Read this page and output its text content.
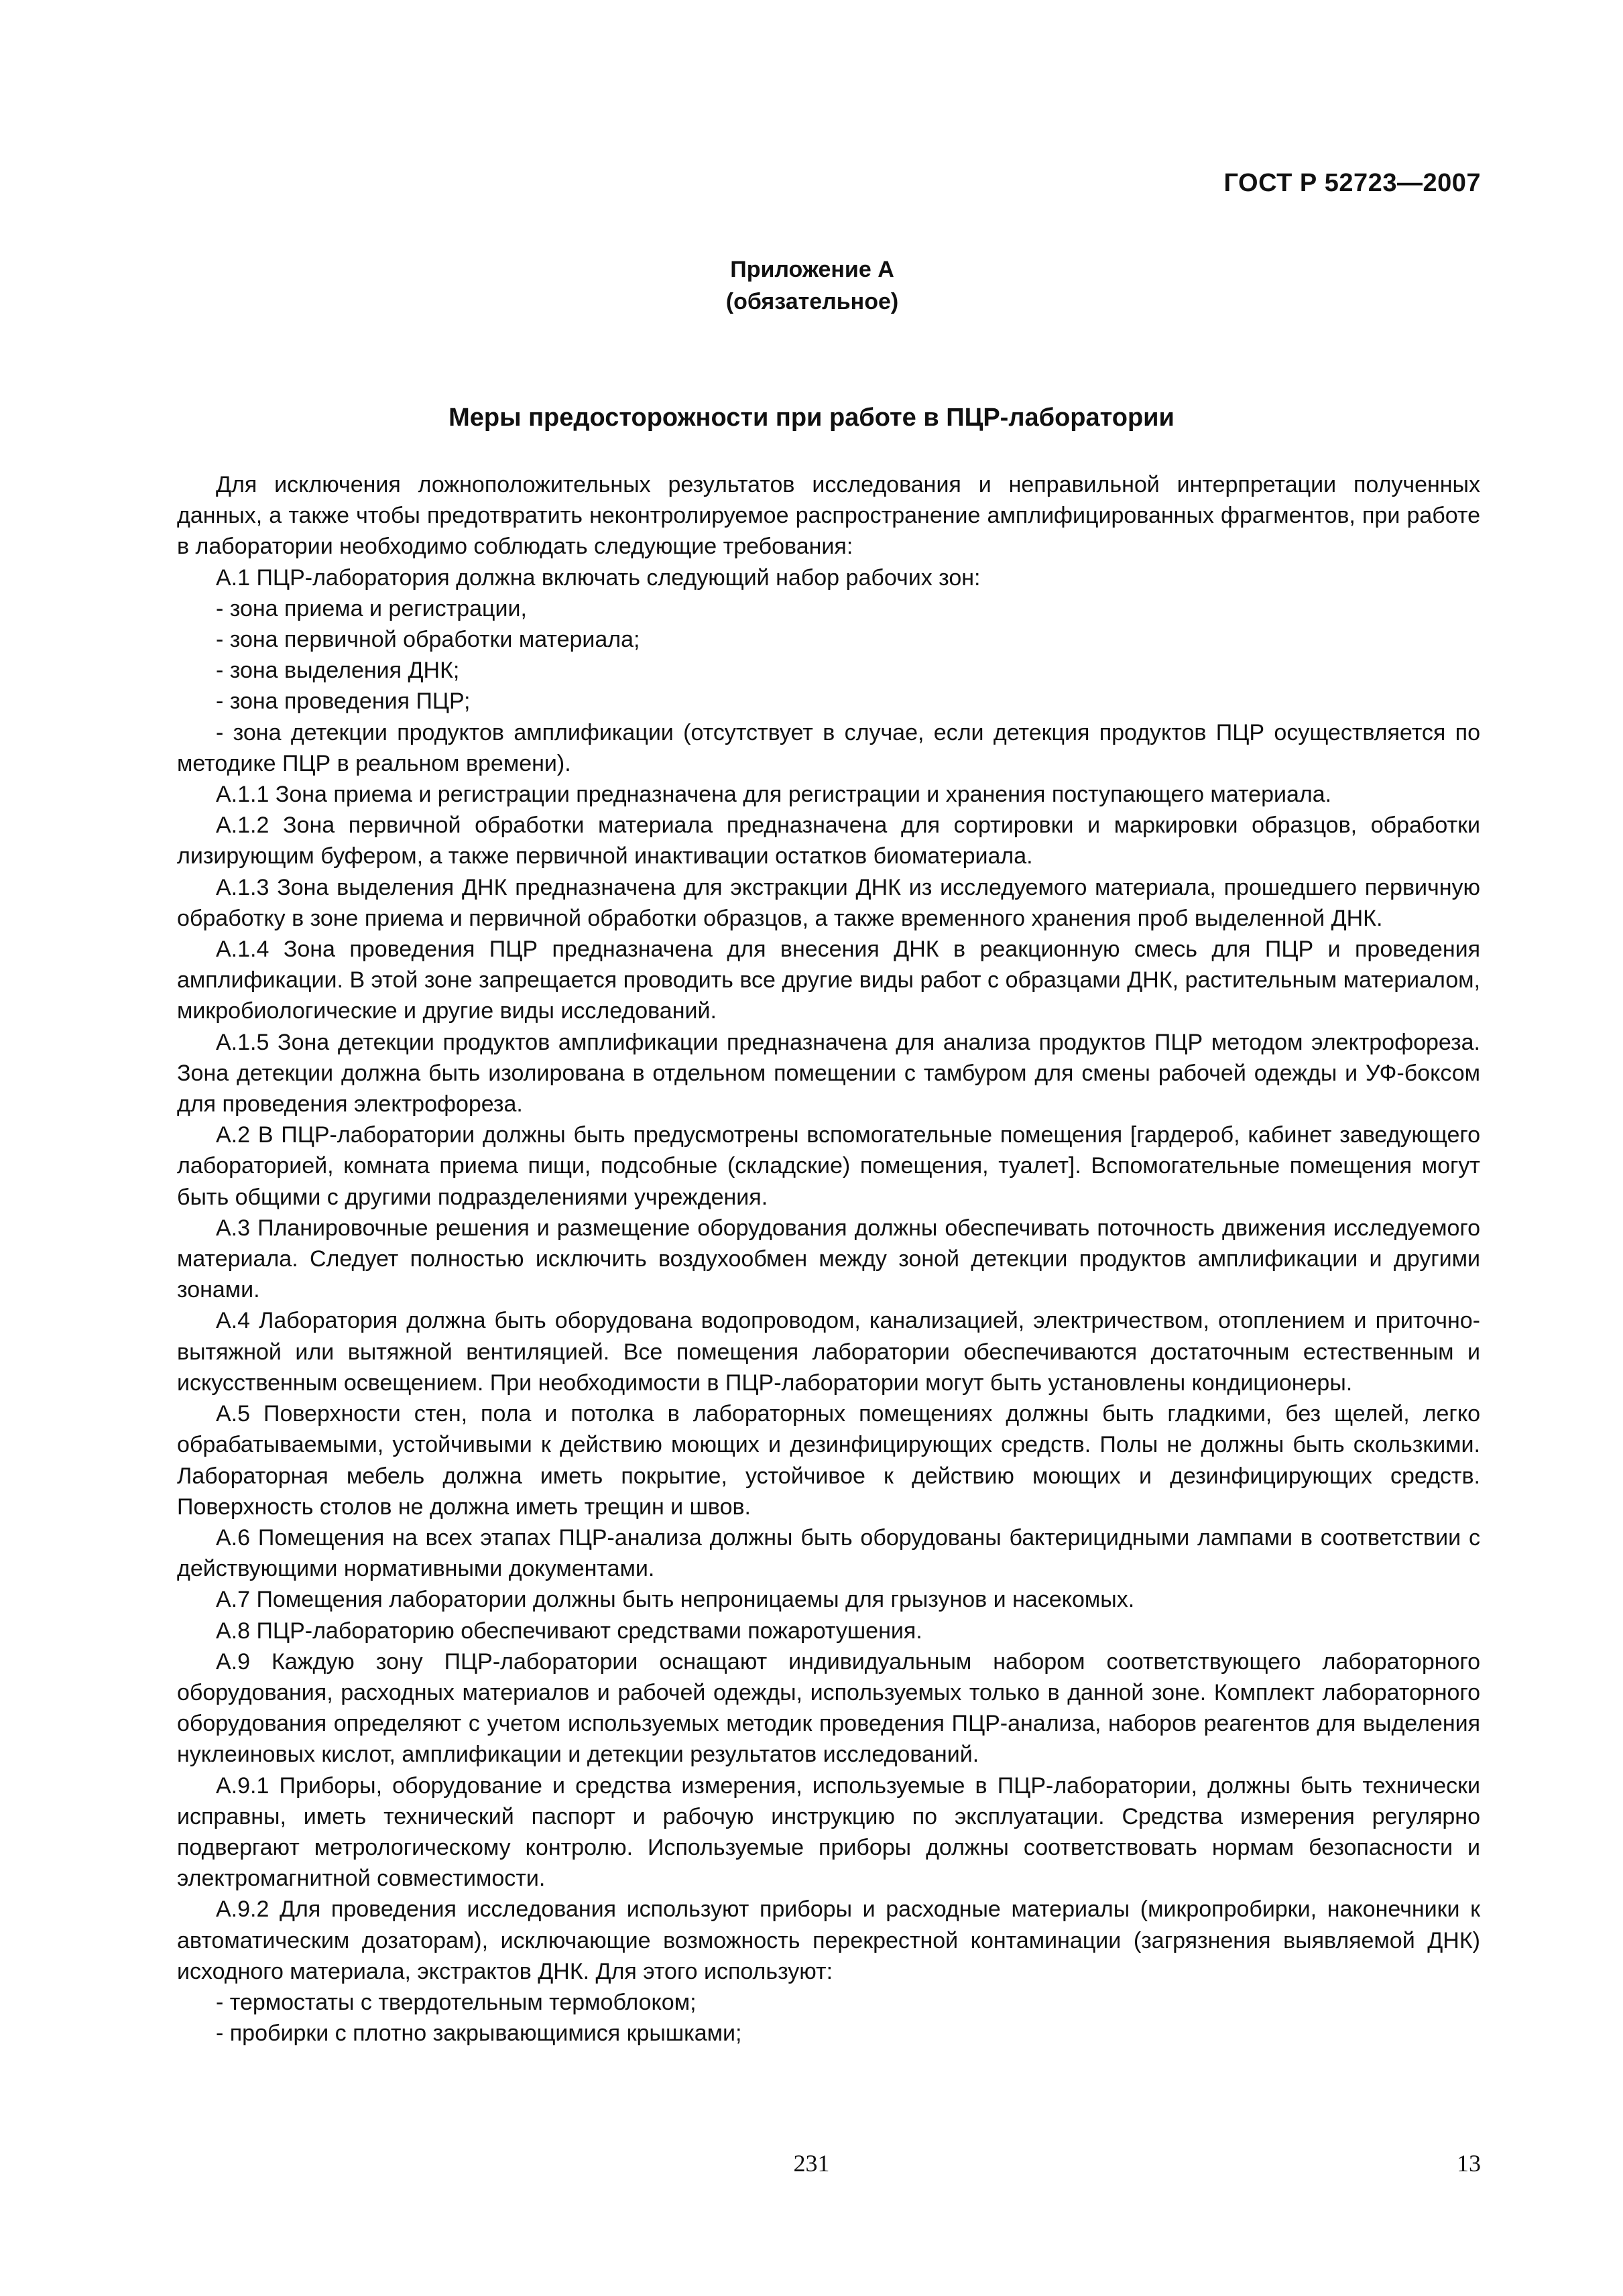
ГОСТ Р 52723—2007
Приложение А
(обязательное)
Меры предосторожности при работе в ПЦР-лаборатории

Для исключения ложноположительных результатов исследования и неправильной интерпретации полученных данных, а также чтобы предотвратить неконтролируемое распространение амплифицированных фрагментов, при работе в лаборатории необходимо соблюдать следующие требования:

А.1 ПЦР-лаборатория должна включать следующий набор рабочих зон:

- зона приема и регистрации,

- зона первичной обработки материала;

- зона выделения ДНК;

- зона проведения ПЦР;

- зона детекции продуктов амплификации (отсутствует в случае, если детекция продуктов ПЦР осуществляется по методике ПЦР в реальном времени).

А.1.1 Зона приема и регистрации предназначена для регистрации и хранения поступающего материала.

А.1.2 Зона первичной обработки материала предназначена для сортировки и маркировки образцов, обработки лизирующим буфером, а также первичной инактивации остатков биоматериала.

А.1.3 Зона выделения ДНК предназначена для экстракции ДНК из исследуемого материала, прошедшего первичную обработку в зоне приема и первичной обработки образцов, а также временного хранения проб выделенной ДНК.

А.1.4 Зона проведения ПЦР предназначена для внесения ДНК в реакционную смесь для ПЦР и проведения амплификации. В этой зоне запрещается проводить все другие виды работ с образцами ДНК, растительным материалом, микробиологические и другие виды исследований.

А.1.5 Зона детекции продуктов амплификации предназначена для анализа продуктов ПЦР методом электрофореза. Зона детекции должна быть изолирована в отдельном помещении с тамбуром для смены рабочей одежды и УФ-боксом для проведения электрофореза.

А.2 В ПЦР-лаборатории должны быть предусмотрены вспомогательные помещения [гардероб, кабинет заведующего лабораторией, комната приема пищи, подсобные (складские) помещения, туалет]. Вспомогательные помещения могут быть общими с другими подразделениями учреждения.

А.3 Планировочные решения и размещение оборудования должны обеспечивать поточность движения исследуемого материала. Следует полностью исключить воздухообмен между зоной детекции продуктов амплификации и другими зонами.

А.4 Лаборатория должна быть оборудована водопроводом, канализацией, электричеством, отоплением и приточно-вытяжной или вытяжной вентиляцией. Все помещения лаборатории обеспечиваются достаточным естественным и искусственным освещением. При необходимости в ПЦР-лаборатории могут быть установлены кондиционеры.

А.5 Поверхности стен, пола и потолка в лабораторных помещениях должны быть гладкими, без щелей, легко обрабатываемыми, устойчивыми к действию моющих и дезинфицирующих средств. Полы не должны быть скользкими. Лабораторная мебель должна иметь покрытие, устойчивое к действию моющих и дезинфицирующих средств. Поверхность столов не должна иметь трещин и швов.

А.6 Помещения на всех этапах ПЦР-анализа должны быть оборудованы бактерицидными лампами в соответствии с действующими нормативными документами.

А.7 Помещения лаборатории должны быть непроницаемы для грызунов и насекомых.

А.8 ПЦР-лабораторию обеспечивают средствами пожаротушения.

А.9 Каждую зону ПЦР-лаборатории оснащают индивидуальным набором соответствующего лабораторного оборудования, расходных материалов и рабочей одежды, используемых только в данной зоне. Комплект лабораторного оборудования определяют с учетом используемых методик проведения ПЦР-анализа, наборов реагентов для выделения нуклеиновых кислот, амплификации и детекции результатов исследований.

А.9.1 Приборы, оборудование и средства измерения, используемые в ПЦР-лаборатории, должны быть технически исправны, иметь технический паспорт и рабочую инструкцию по эксплуатации. Средства измерения регулярно подвергают метрологическому контролю. Используемые приборы должны соответствовать нормам безопасности и электромагнитной совместимости.

А.9.2 Для проведения исследования используют приборы и расходные материалы (микропробирки, наконечники к автоматическим дозаторам), исключающие возможность перекрестной контаминации (загрязнения выявляемой ДНК) исходного материала, экстрактов ДНК. Для этого используют:

- термостаты с твердотельным термоблоком;

- пробирки с плотно закрывающимися крышками;

231	13
